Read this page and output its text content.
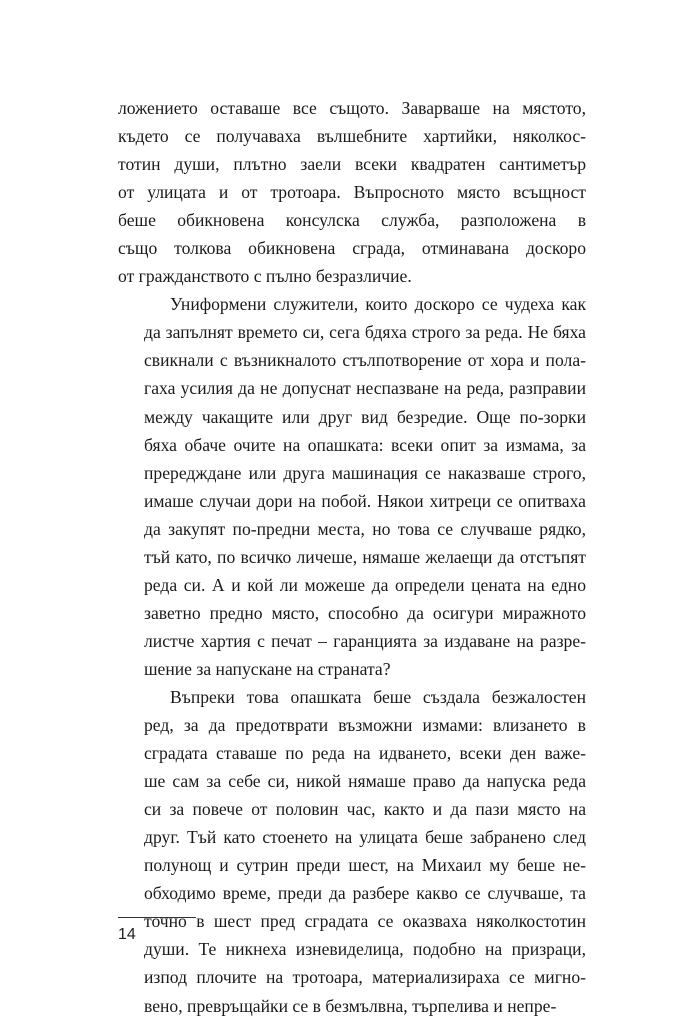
ложението оставаше все същото. Заварваше на мястото,
където се получаваха вълшебните хартийки, няколкос-
тотин души, плътно заели всеки квадратен сантиметър
от улицата и от тротоара. Въпросното място всъщност
беше обикновена консулска служба, разположена в
също толкова обикновена сграда, отминавана доскоро
от гражданството с пълно безразличие.
Униформени служители, които доскоро се чудеха как
да запълнят времето си, сега бдяха строго за реда. Не бяха
свикнали с възникналото стълпотворение от хора и пола-
гаха усилия да не допуснат неспазване на реда, разправии
между чакащите или друг вид безредие. Още по-зорки
бяха обаче очите на опашката: всеки опит за измама, за
прередждане или друга машинация се наказваше строго,
имаше случаи дори на побой. Някои хитреци се опитваха
да закупят по-предни места, но това се случваше рядко,
тъй като, по всичко личеше, нямаше желаещи да отстъпят
реда си. А и кой ли можеше да определи цената на едно
заветно предно място, способно да осигури миражното
листче хартия с печат – гаранцията за издаване на разре-
шение за напускане на страната?
Въпреки това опашката беше създала безжалостен
ред, за да предотврати възможни измами: влизането в
сградата ставаше по реда на идването, всеки ден важе-
ше сам за себе си, никой нямаше право да напуска реда
си за повече от половин час, както и да пази място на
друг. Тъй като стоенето на улицата беше забранено след
полунощ и сутрин преди шест, на Михаил му беше не-
обходимо време, преди да разбере какво се случваше, та
точно в шест пред сградата се оказваха няколкостотин
души. Те никнеха изневиделица, подобно на призраци,
изпод плочите на тротоара, материализираха се мигно-
вено, превръщайки се в безмълвна, търпелива и непре-
14
